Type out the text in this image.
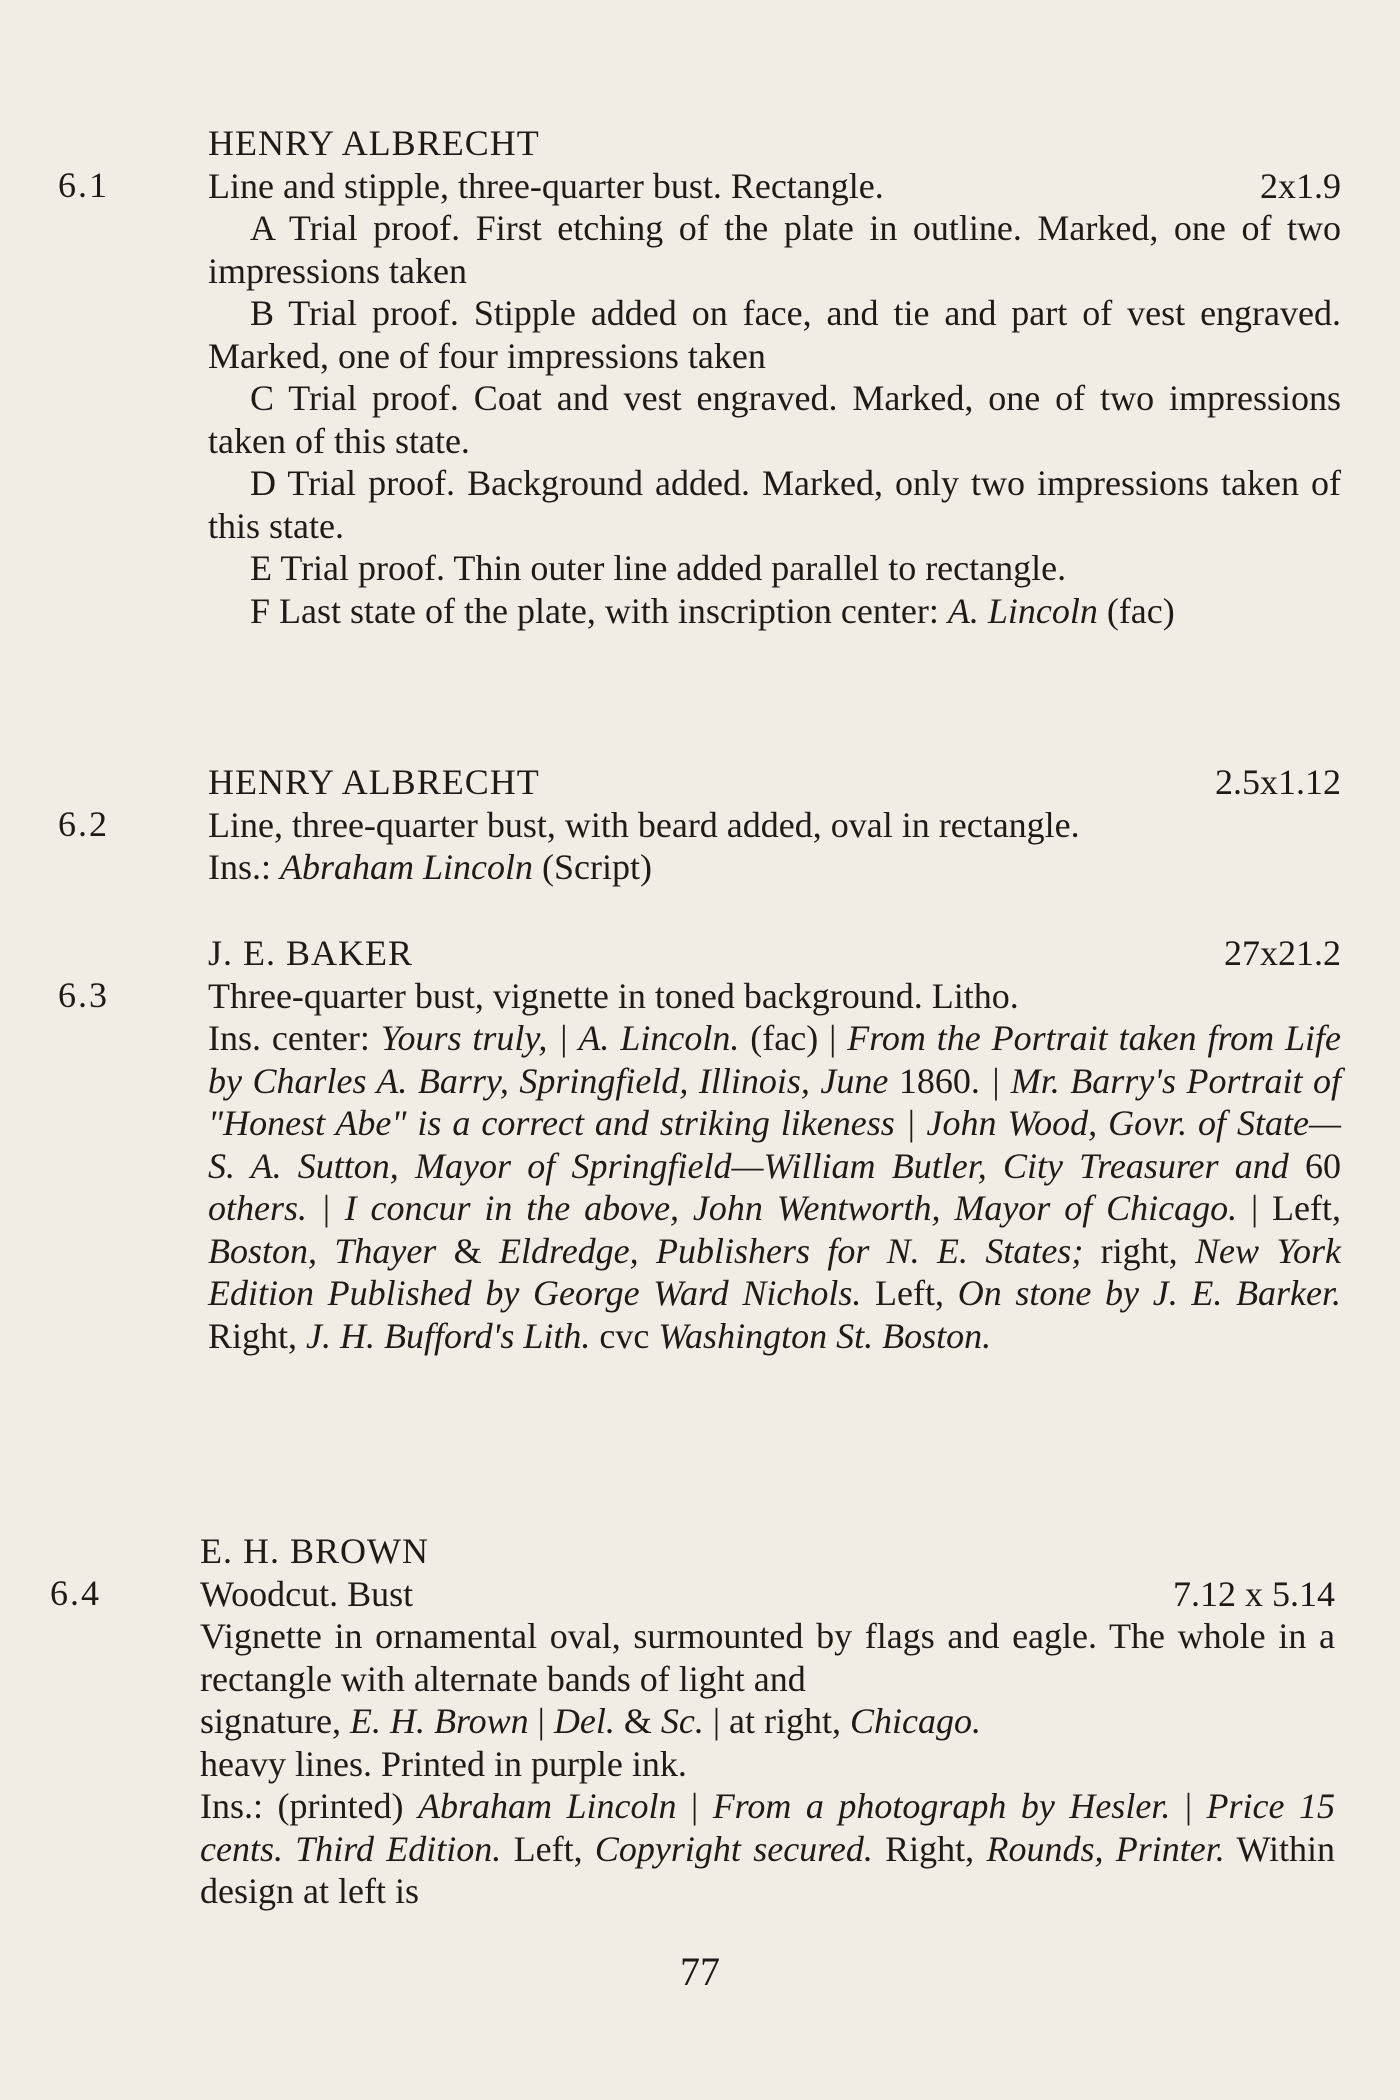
6.1
HENRY ALBRECHT
Line and stipple, three-quarter bust. Rectangle.	2x1.9
A Trial proof. First etching of the plate in outline. Marked, one of two impressions taken
B Trial proof. Stipple added on face, and tie and part of vest engraved. Marked, one of four impressions taken
C Trial proof. Coat and vest engraved. Marked, one of two impressions taken of this state.
D Trial proof. Background added. Marked, only two impressions taken of this state.
E Trial proof. Thin outer line added parallel to rectangle.
F Last state of the plate, with inscription center: A. Lincoln (fac)
6.2
HENRY ALBRECHT	2.5x1.12
Line, three-quarter bust, with beard added, oval in rectangle.
Ins.: Abraham Lincoln (Script)
6.3
J. E. BAKER	27x21.2
Three-quarter bust, vignette in toned background. Litho.
Ins. center: Yours truly, | A. Lincoln. (fac) | From the Portrait taken from Life by Charles A. Barry, Springfield, Illinois, June 1860. | Mr. Barry's Portrait of "Honest Abe" is a correct and striking likeness | John Wood, Govr. of State—S. A. Sutton, Mayor of Springfield—William Butler, City Treasurer and 60 others. | I concur in the above, John Wentworth, Mayor of Chicago. | Left, Boston, Thayer & Eldredge, Publishers for N. E. States; right, New York Edition Published by George Ward Nichols. Left, On stone by J. E. Barker. Right, J. H. Bufford's Lith. cvc Washington St. Boston.
6.4
E. H. BROWN
Woodcut. Bust	7.12 x 5.14
Vignette in ornamental oval, surmounted by flags and eagle. The whole in a rectangle with alternate bands of light and
signature, E. H. Brown | Del. & Sc. | at right, Chicago.
heavy lines. Printed in purple ink.
Ins.: (printed) Abraham Lincoln | From a photograph by Hesler. | Price 15 cents. Third Edition. Left, Copyright secured. Right, Rounds, Printer. Within design at left is
77
